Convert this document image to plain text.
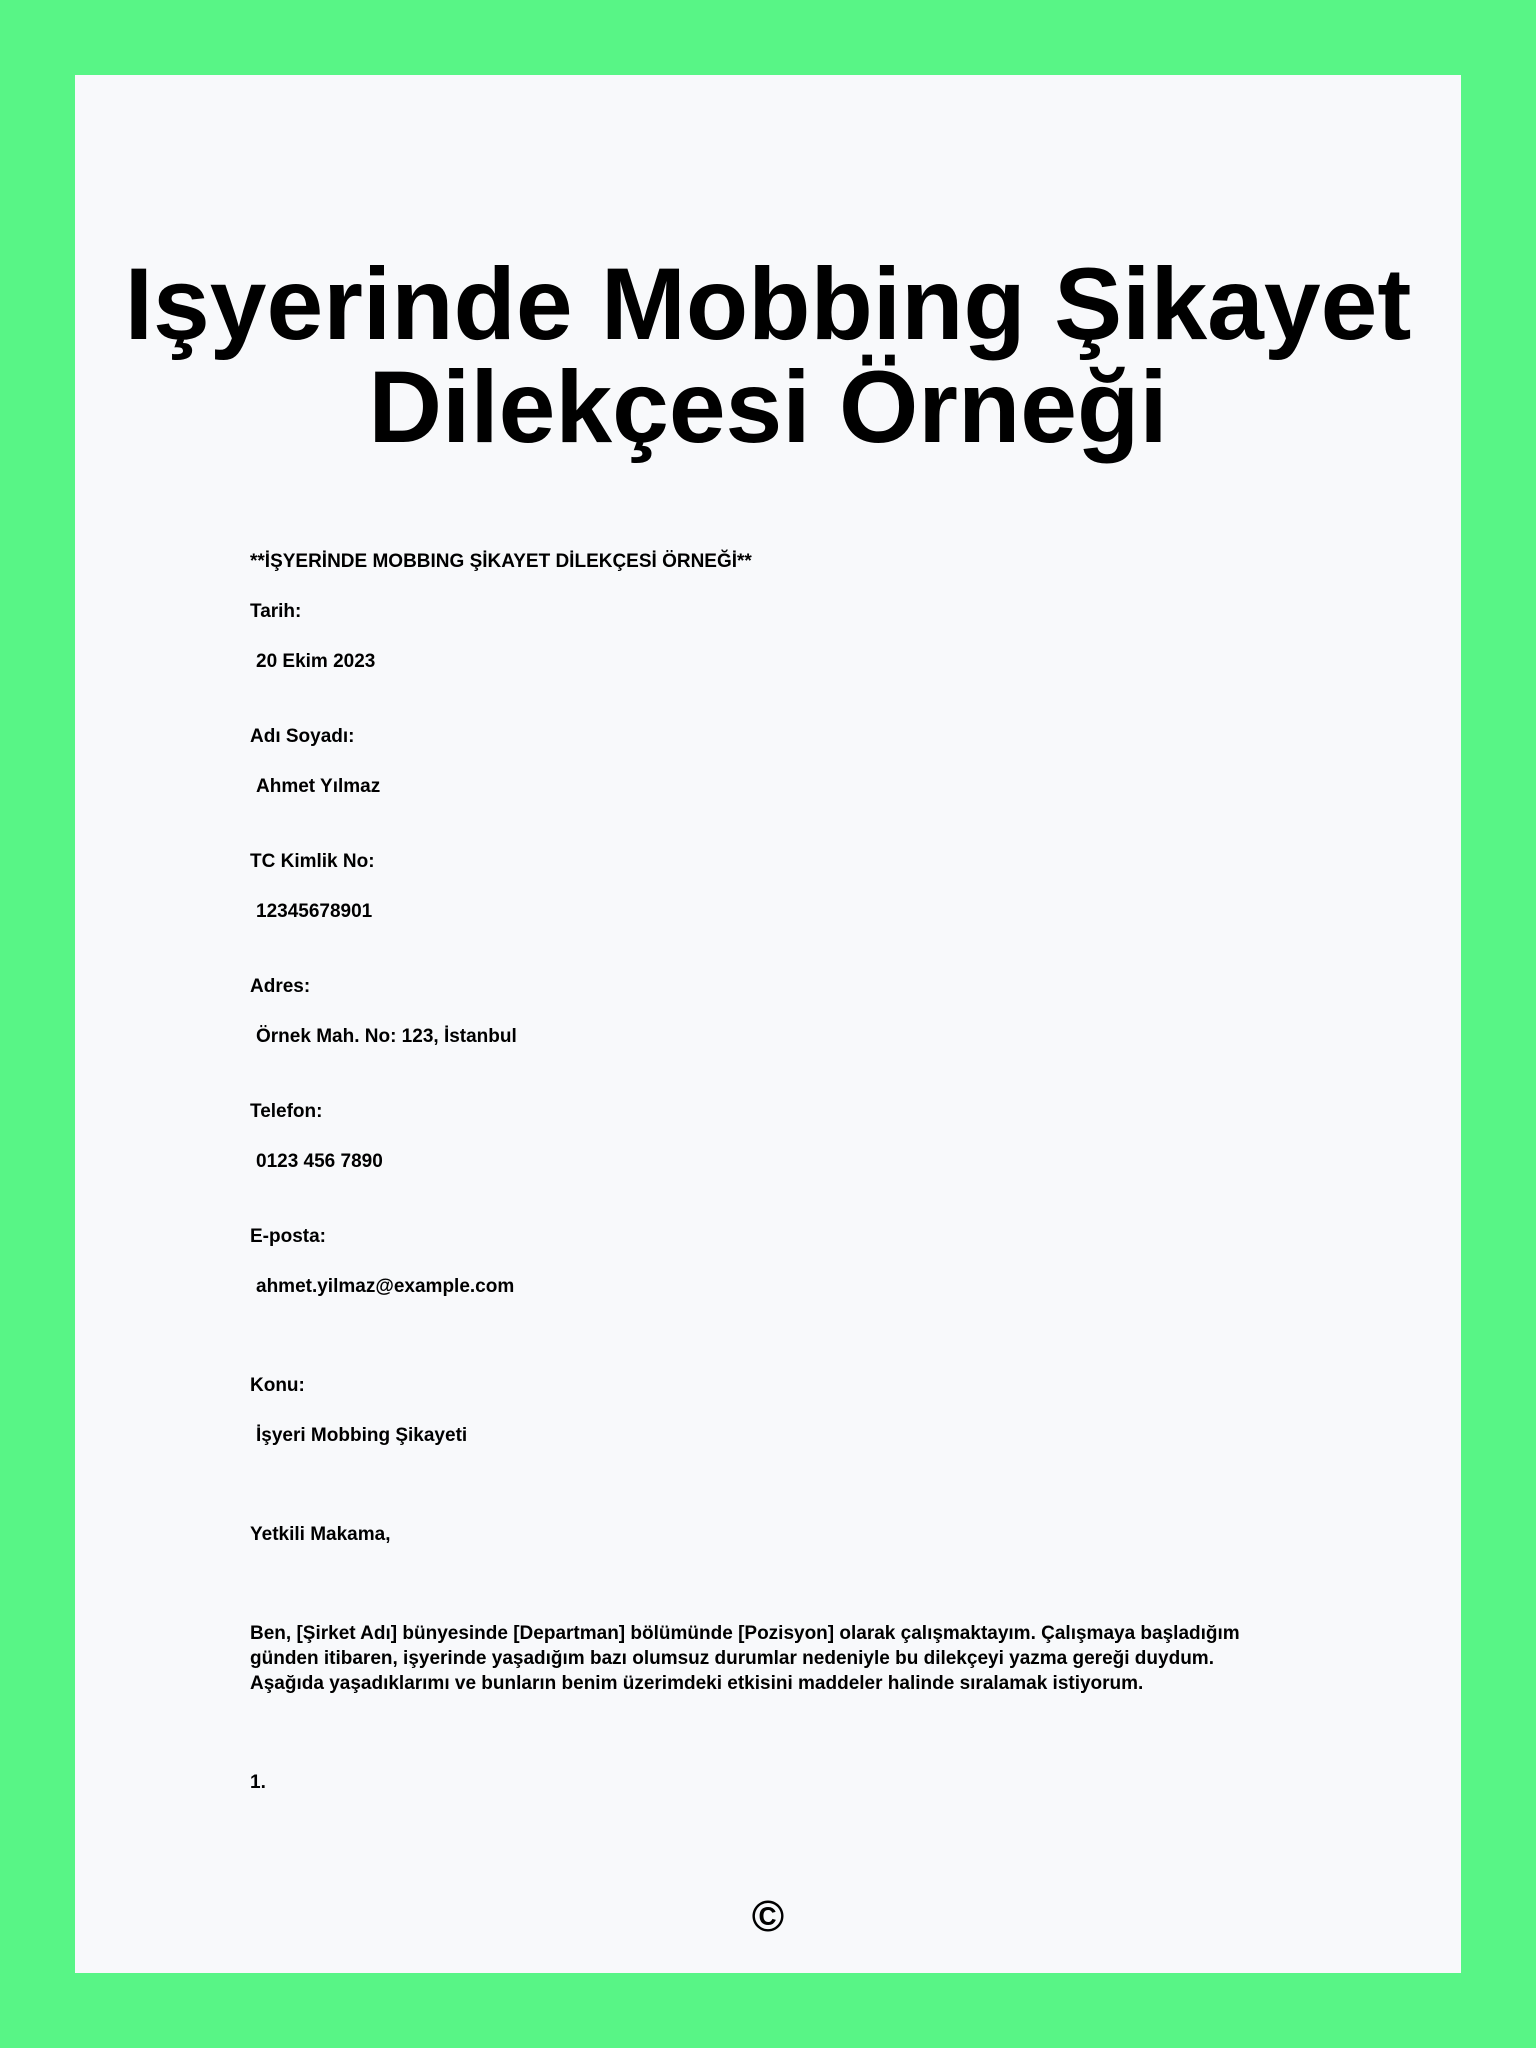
Işyerinde Mobbing Şikayet
Dilekçesi Örneği

**İŞYERİNDE MOBBING ŞİKAYET DİLEKÇESİ ÖRNEĞİ**

Tarih:

20 Ekim 2023

Adı Soyadı:

Ahmet Yılmaz

TC Kimlik No:

12345678901

Adres:

Örnek Mah. No: 123, İstanbul

Telefon:

0123 456 7890

E-posta:

ahmet.yilmaz@example.com

Konu:

İşyeri Mobbing Şikayeti

Yetkili Makama,

Ben, [Şirket Adı] bünyesinde [Departman] bölümünde [Pozisyon] olarak çalışmaktayım. Çalışmaya başladığım günden itibaren, işyerinde yaşadığım bazı olumsuz durumlar nedeniyle bu dilekçeyi yazma gereği duydum. Aşağıda yaşadıklarımı ve bunların benim üzerimdeki etkisini maddeler halinde sıralamak istiyorum.

1.

©
